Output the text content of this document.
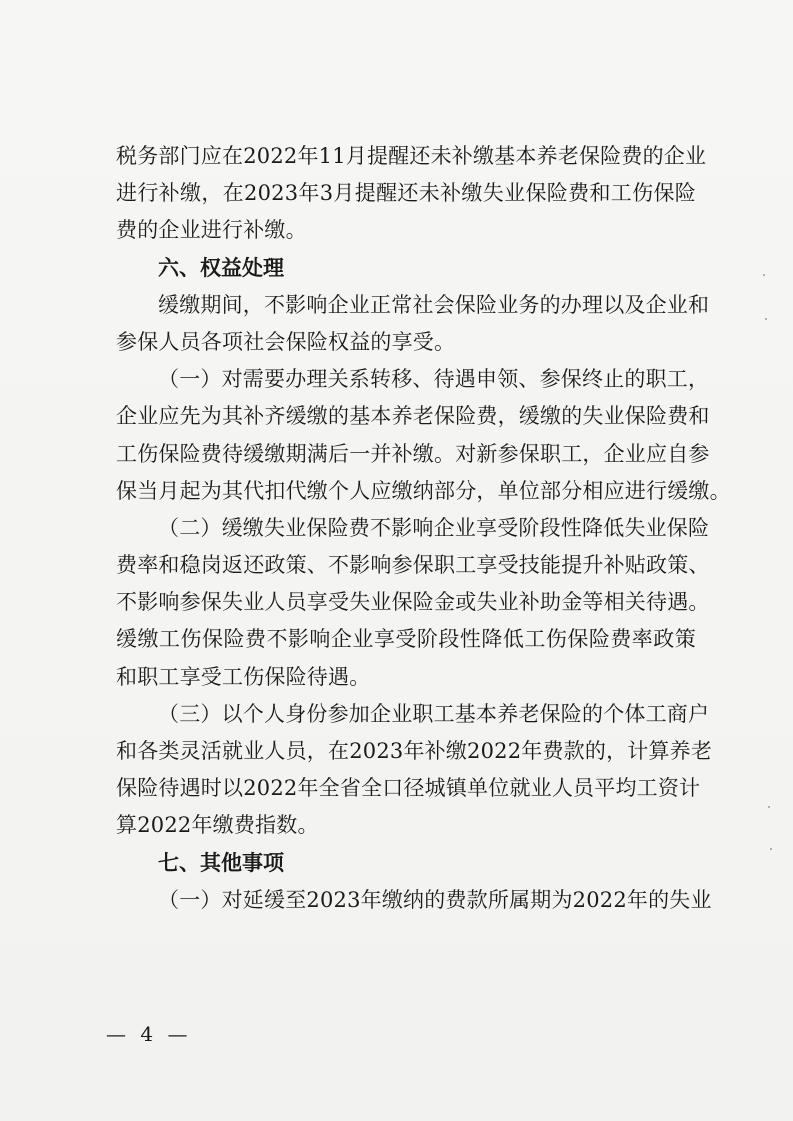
税务部门应在2022年11月提醒还未补缴基本养老保险费的企业
进行补缴，在2023年3月提醒还未补缴失业保险费和工伤保险
费的企业进行补缴。
六、权益处理
缓缴期间，不影响企业正常社会保险业务的办理以及企业和
参保人员各项社会保险权益的享受。
（一）对需要办理关系转移、待遇申领、参保终止的职工，
企业应先为其补齐缓缴的基本养老保险费，缓缴的失业保险费和
工伤保险费待缓缴期满后一并补缴。对新参保职工，企业应自参
保当月起为其代扣代缴个人应缴纳部分，单位部分相应进行缓缴。
（二）缓缴失业保险费不影响企业享受阶段性降低失业保险
费率和稳岗返还政策、不影响参保职工享受技能提升补贴政策、
不影响参保失业人员享受失业保险金或失业补助金等相关待遇。
缓缴工伤保险费不影响企业享受阶段性降低工伤保险费率政策
和职工享受工伤保险待遇。
（三）以个人身份参加企业职工基本养老保险的个体工商户
和各类灵活就业人员，在2023年补缴2022年费款的，计算养老
保险待遇时以2022年全省全口径城镇单位就业人员平均工资计
算2022年缴费指数。
七、其他事项
（一）对延缓至2023年缴纳的费款所属期为2022年的失业
— 4 —
